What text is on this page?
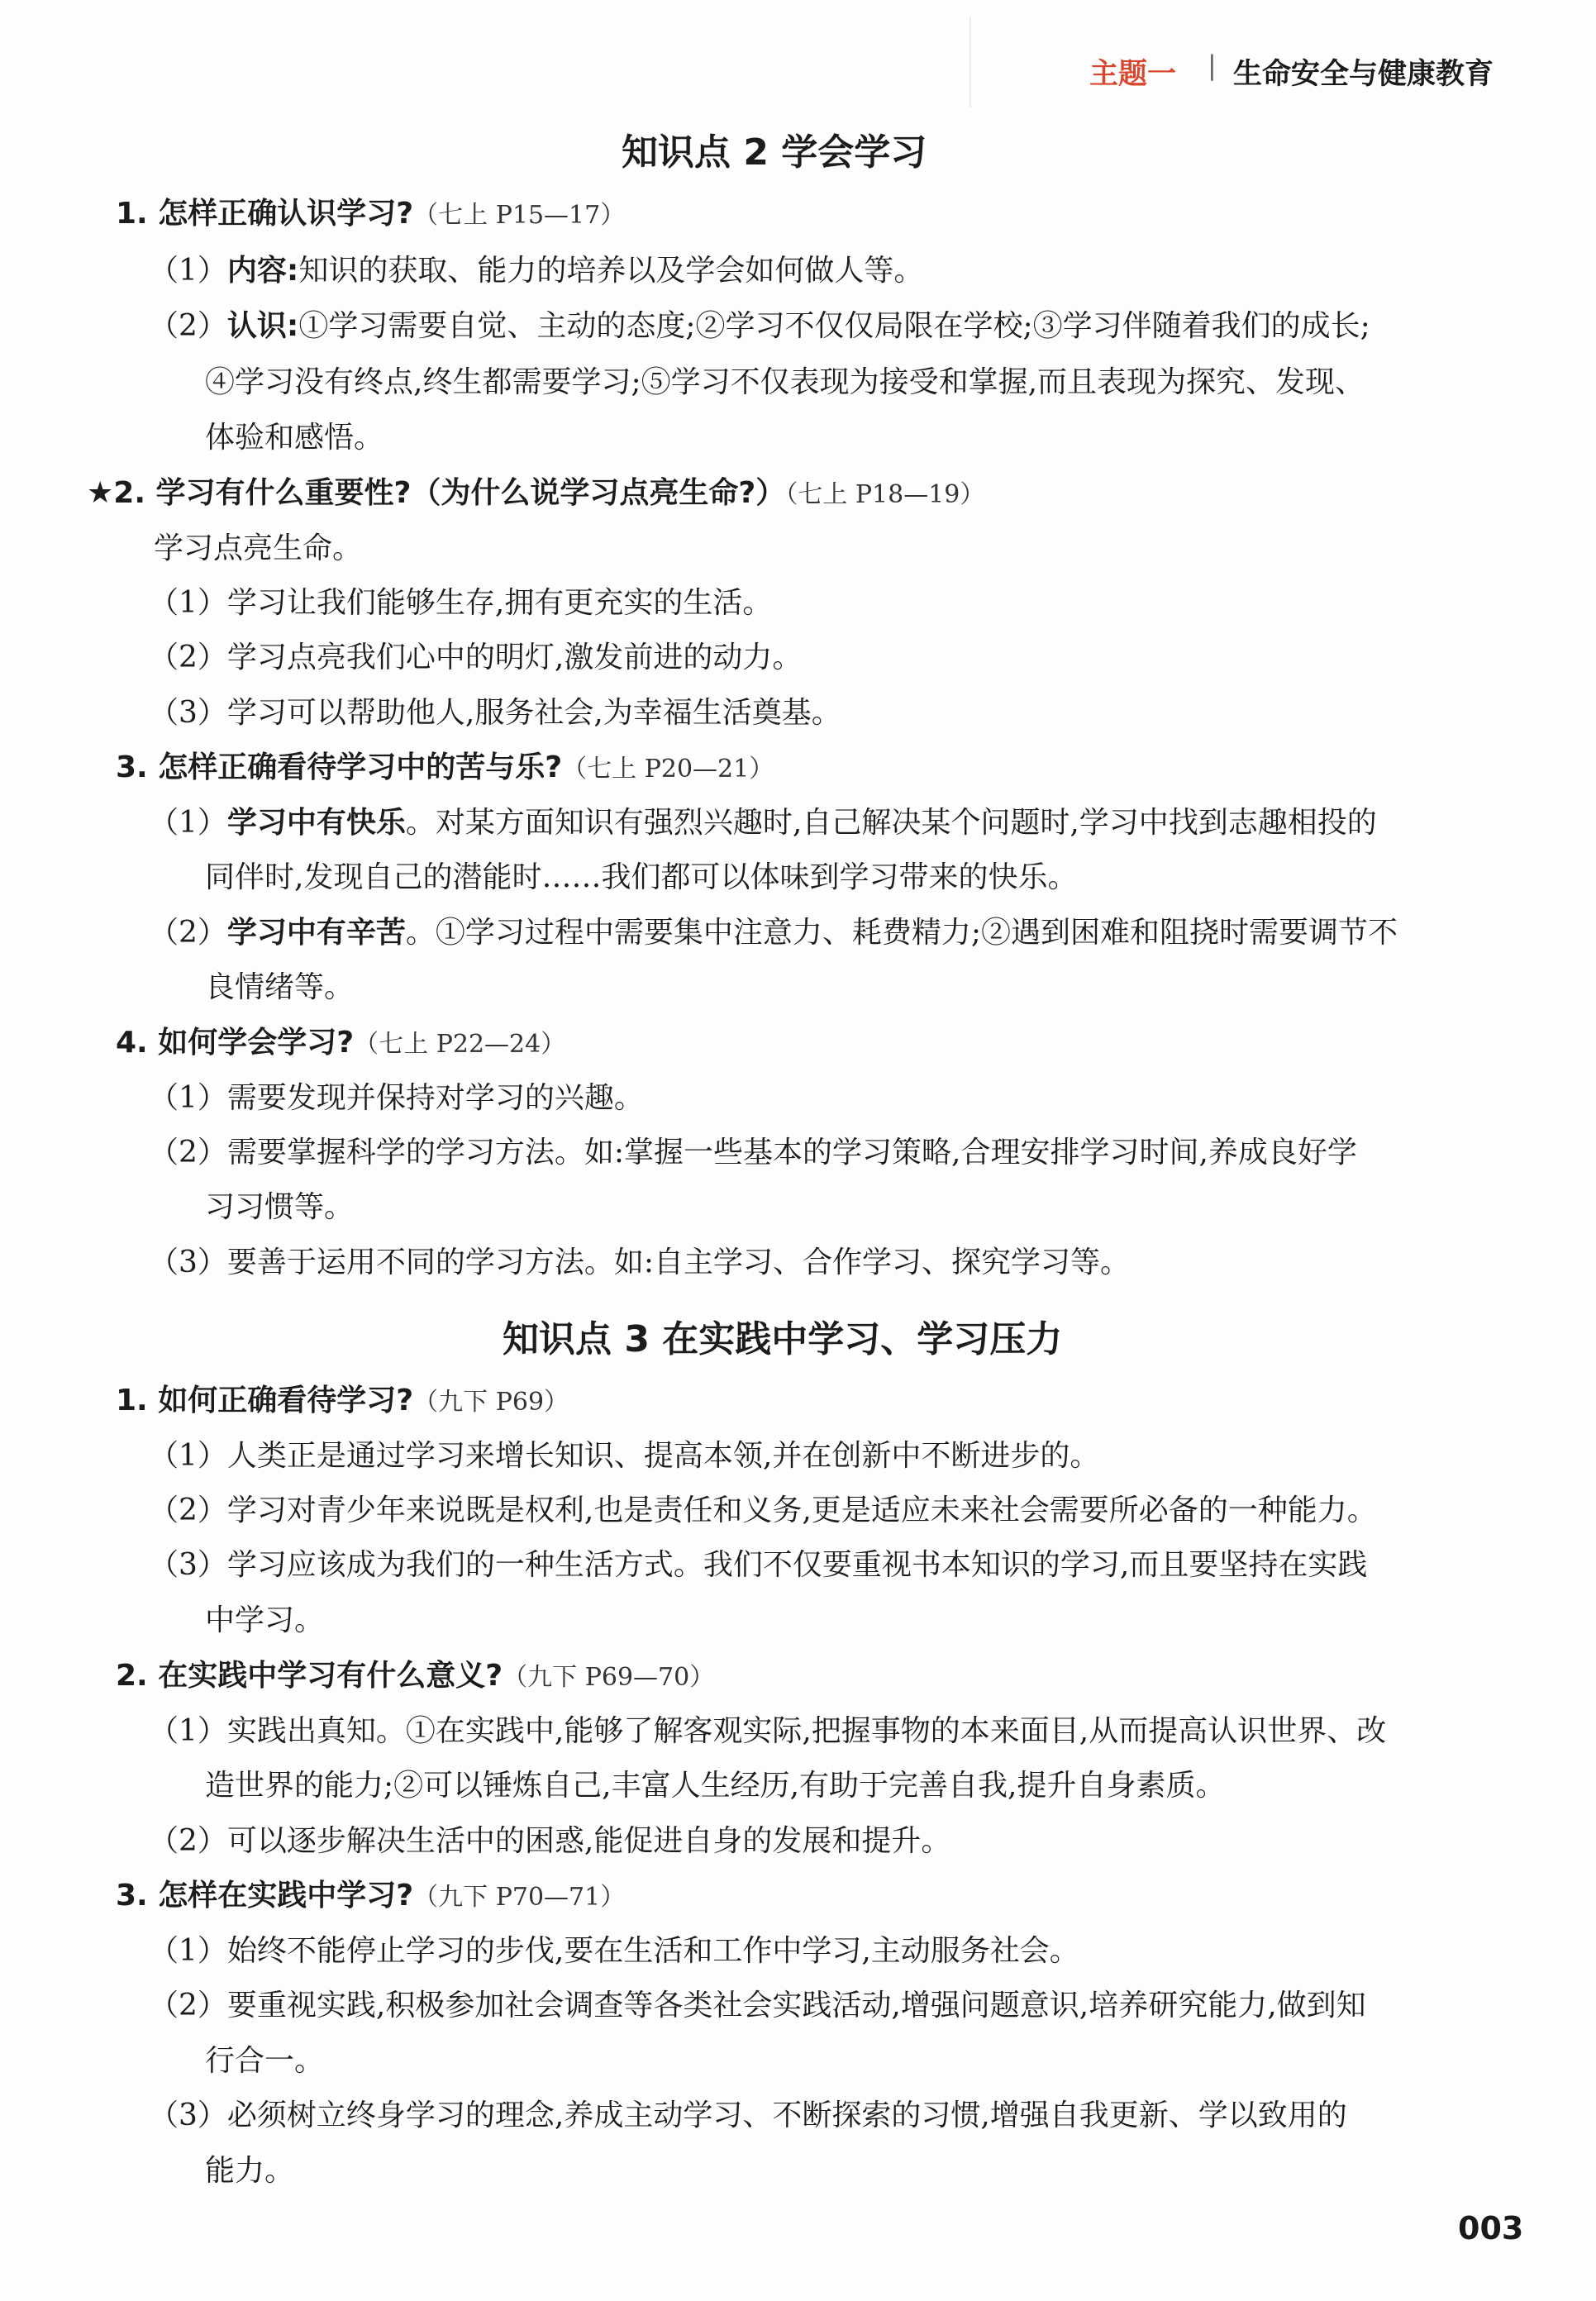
主题一 | 生命安全与健康教育
知识点 2 学会学习
1. 怎样正确认识学习?（七上 P15—17）
（1）内容:知识的获取、能力的培养以及学会如何做人等。
（2）认识:①学习需要自觉、主动的态度;②学习不仅仅局限在学校;③学习伴随着我们的成长;
④学习没有终点,终生都需要学习;⑤学习不仅表现为接受和掌握,而且表现为探究、发现、
体验和感悟。
★2. 学习有什么重要性?（为什么说学习点亮生命?）（七上 P18—19）
学习点亮生命。
（1）学习让我们能够生存,拥有更充实的生活。
（2）学习点亮我们心中的明灯,激发前进的动力。
（3）学习可以帮助他人,服务社会,为幸福生活奠基。
3. 怎样正确看待学习中的苦与乐?（七上 P20—21）
（1）学习中有快乐。对某方面知识有强烈兴趣时,自己解决某个问题时,学习中找到志趣相投的
同伴时,发现自己的潜能时……我们都可以体味到学习带来的快乐。
（2）学习中有辛苦。①学习过程中需要集中注意力、耗费精力;②遇到困难和阻挠时需要调节不
良情绪等。
4. 如何学会学习?（七上 P22—24）
（1）需要发现并保持对学习的兴趣。
（2）需要掌握科学的学习方法。如:掌握一些基本的学习策略,合理安排学习时间,养成良好学
习习惯等。
（3）要善于运用不同的学习方法。如:自主学习、合作学习、探究学习等。
知识点 3 在实践中学习、学习压力
1. 如何正确看待学习?（九下 P69）
（1）人类正是通过学习来增长知识、提高本领,并在创新中不断进步的。
（2）学习对青少年来说既是权利,也是责任和义务,更是适应未来社会需要所必备的一种能力。
（3）学习应该成为我们的一种生活方式。我们不仅要重视书本知识的学习,而且要坚持在实践
中学习。
2. 在实践中学习有什么意义?（九下 P69—70）
（1）实践出真知。①在实践中,能够了解客观实际,把握事物的本来面目,从而提高认识世界、改
造世界的能力;②可以锤炼自己,丰富人生经历,有助于完善自我,提升自身素质。
（2）可以逐步解决生活中的困惑,能促进自身的发展和提升。
3. 怎样在实践中学习?（九下 P70—71）
（1）始终不能停止学习的步伐,要在生活和工作中学习,主动服务社会。
（2）要重视实践,积极参加社会调查等各类社会实践活动,增强问题意识,培养研究能力,做到知
行合一。
（3）必须树立终身学习的理念,养成主动学习、不断探索的习惯,增强自我更新、学以致用的
能力。
003
